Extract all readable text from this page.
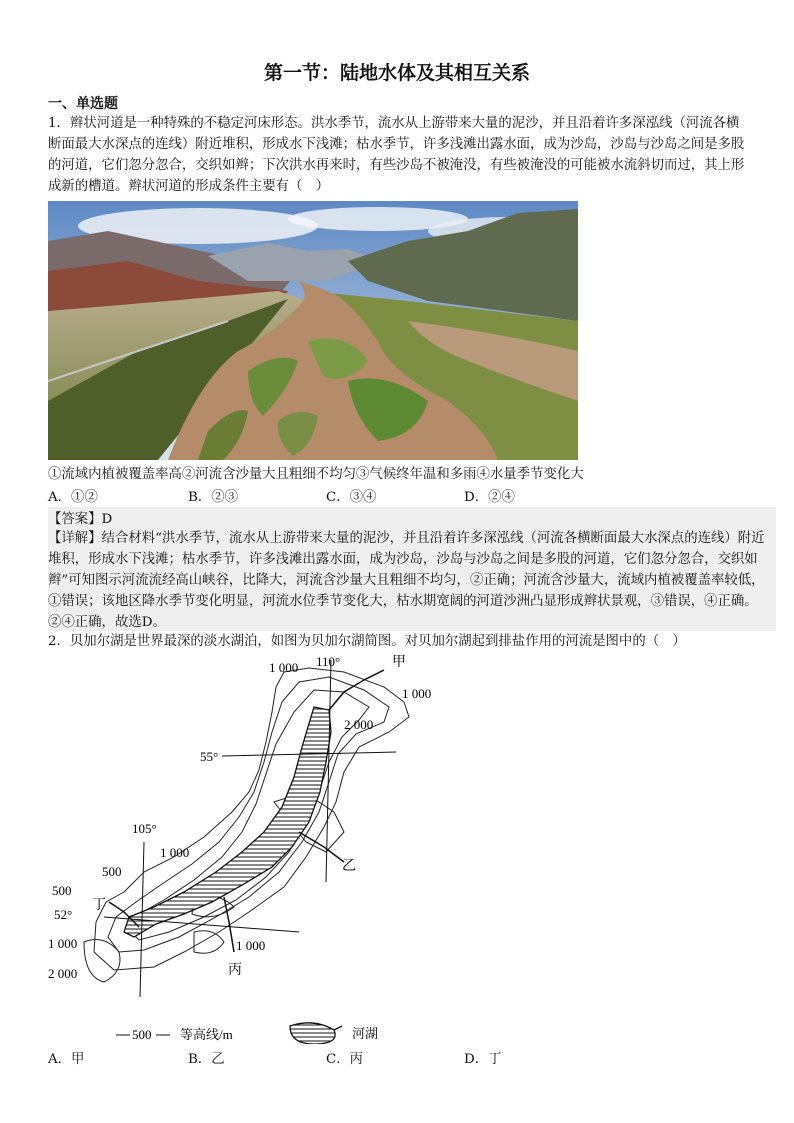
第一节：陆地水体及其相互关系
一、单选题

1．辫状河道是一种特殊的不稳定河床形态。洪水季节，流水从上游带来大量的泥沙，并且沿着许多深泓线（河流各横断面最大水深点的连线）附近堆积，形成水下浅滩；枯水季节，许多浅滩出露水面，成为沙岛，沙岛与沙岛之间是多股的河道，它们忽分忽合，交织如辫；下次洪水再来时，有些沙岛不被淹没，有些被淹没的可能被水流斜切而过，其上形成新的槽道。辫状河道的形成条件主要有（　）

①流域内植被覆盖率高②河流含沙量大且粗细不均匀③气候终年温和多雨④水量季节变化大
A．①②	B．②③	C．③④	D．②④
【答案】D

【详解】结合材料“洪水季节，流水从上游带来大量的泥沙，并且沿着许多深泓线（河流各横断面最大水深点的连线）附近堆积，形成水下浅滩；枯水季节，许多浅滩出露水面，成为沙岛，沙岛与沙岛之间是多股的河道，它们忽分忽合，交织如辫”可知图示河流流经高山峡谷，比降大，河流含沙量大且粗细不均匀，②正确；河流含沙量大，流域内植被覆盖率较低，①错误；该地区降水季节变化明显，河流水位季节变化大，枯水期宽阔的河道沙洲凸显形成辫状景观，③错误，④正确。②④正确，故选D。

2．贝加尔湖是世界最深的淡水湖泊，如图为贝加尔湖简图。对贝加尔湖起到排盐作用的河流是图中的（　）

1 000 110°	甲
1 000
2 000
55°
105°
1 000
乙
500
500
丁
52°
1 000	1 000
丙
2 000
500 等高线/m	河湖
A．甲	B．乙	C．丙	D．丁
